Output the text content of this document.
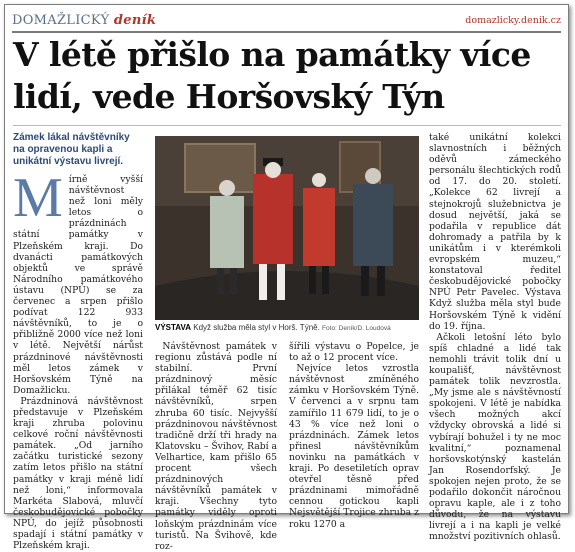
DOMAŽLICKÝ deník	domazlicky.denik.cz
V létě přišlo na památky více
lidí, vede Horšovský Týn
Zámek lákal návštěvníky na opravenou kapli a unikátní výstavu livrejí.

Mírně vyšší návštěvnost než loni měly letos o prázdninách státní památky v Plzeňském kraji. Do dvanácti památkových objektů ve správě Národního památkového ústavu (NPÚ) se za červenec a srpen přišlo podívat 122 933 návštěvníků, to je o přibližně 2000 více než loni v létě. Největší nárůst prázdninové návštěvnosti měl letos zámek v Horšovském Týně na Domažlicku.

Prázdninová návštěvnost představuje v Plzeňském kraji zhruba polovinu celkové roční návštěvnosti památek. „Od jarního začátku turistické sezony zatím letos přišlo na státní památky v kraji méně lidí než loni,“ informovala Markéta Slabová, mluvčí českobudějovické pobočky NPÚ, do jejíž působnosti spadají i státní památky v Plzeňském kraji.

VÝSTAVA Když služba měla styl v Horš. Týně. Foto: Deník/D. Loudová

Návštěvnost památek v regionu zůstává podle ní stabilní. První prázdninový měsíc přilákal téměř 62 tisíc návštěvníků, srpen zhruba 60 tisíc. Nejvyšší prázdninovou návštěvnost tradičně drží tři hrady na Klatovsku – Švihov, Rabí a Velhartice, kam přišlo 65 procent všech prázdninových návštěvníků památek v kraji. Všechny tyto památky viděly oproti loňským prázdninám více turistů. Na Švihově, kde roz-

šířili výstavu o Popelce, je to až o 12 procent více.

Nejvíce letos vzrostla návštěvnost zmíněného zámku v Horšovském Týně. V červenci a v srpnu tam zamířilo 11 679 lidí, to je o 43 % více než loni o prázdninách. Zámek letos přinesl návštěvníkům novinku na památkách v kraji. Po desetiletích oprav otevřel těsně před prázdninami mimořádně cennou gotickou kapli Nejsvětější Trojice zhruba z roku 1270 a

také unikátní kolekci slavnostních i běžných oděvů zámeckého personálu šlechtických rodů od 17. do 20. století. „Kolekce 62 livrejí a stejnokrojů služebnictva je dosud největší, jaká se podařila v republice dát dohromady a patřila by k unikátům i v kterémkoli evropském muzeu,“ konstatoval ředitel českobudějovické pobočky NPÚ Petr Pavelec. Výstava Když služba měla styl bude Horšovském Týně k vidění do 19. října.

Ačkoli letošní léto bylo spíš chladné a lidé tak nemohli trávit tolik dní u koupališť, návštěvnost památek tolik nevzrostla. „My jsme ale s návštěvností spokojeni. V létě je nabídka všech možných akcí vždycky obrovská a lidé si vybírají bohužel i ty ne moc kvalitní,“ poznamenal horšovskotýnský kastelán Jan Rosendorfský. Je spokojen nejen proto, že se podařilo dokončit náročnou opravu kaple, ale i z toho důvodu, že na výstavu livrejí a i na kapli je velké množství pozitivních ohlasů.
